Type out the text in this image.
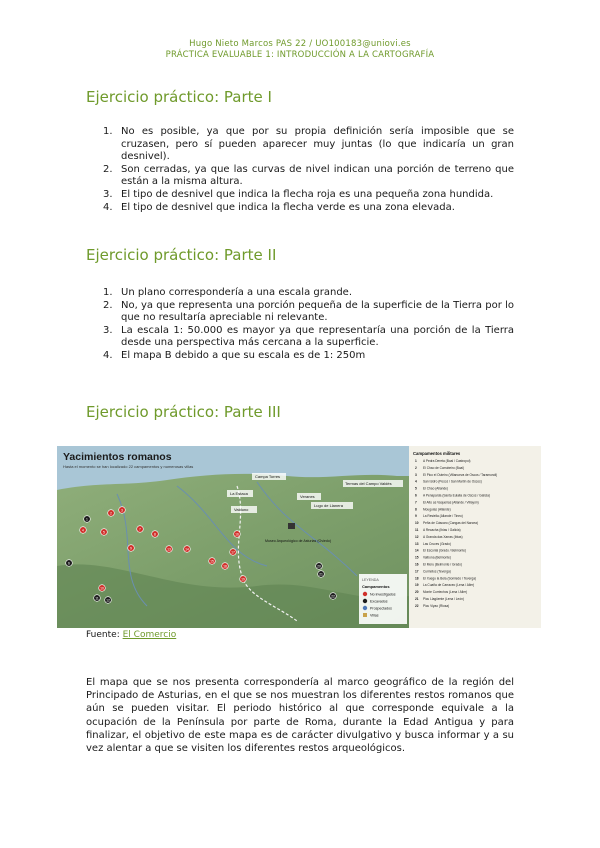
Hugo Nieto Marcos PAS 22 / UO100183@uniovi.es
PRÁCTICA EVALUABLE 1: INTRODUCCIÓN A LA CARTOGRAFÍA
Ejercicio práctico: Parte I
1. No es posible, ya que por su propia definición sería imposible que se cruzasen, pero sí pueden aparecer muy juntas (lo que indicaría un gran desnivel).
2. Son cerradas, ya que las curvas de nivel indican una porción de terreno que están a la misma altura.
3. El tipo de desnivel que indica la flecha roja es una pequeña zona hundida.
4. El tipo de desnivel que indica la flecha verde es una zona elevada.
Ejercicio práctico: Parte II
1. Un plano correspondería a una escala grande.
2. No, ya que representa una porción pequeña de la superficie de la Tierra por lo que no resultaría apreciable ni relevante.
3. La escala 1: 50.000 es mayor ya que representaría una porción de la Tierra desde una perspectiva más cercana a la superficie.
4. El mapa B debido a que su escala es de 1: 250m
Ejercicio práctico: Parte III
Yacimientos romanos
Hasta el momento se han localizado 22 campamentos y numerosas villas
Campa Torres
Termas del Campo Valdés
La Estaca
Veranes
Lugo de Llanera
Valduno
Museo Arqueológico de Asturias (Oviedo)
LEYENDA
Campamentos
No investigados
Excavados
Prospectados
Villas
Campamentos militares
1 A Pedra Dereta (Boal / Castropol)
2 El Chao de Carrubeiro (Boal)
3 El Pico el Outeiro (Villanueva de Oscos / Taramundi)
4 San Isidro (Pesoz / San Martín de Oscos)
5 El Chao (Allande)
6 A Penaparda (Santa Eulalia de Oscos / Galicia)
7 El Alto as Vaqueiras (Allande / Villayón)
8 Mouguías (Allande)
9 La Resiella (Allande / Tineo)
10 Peña de Cáscaro (Cangas del Narcea)
11 A Recacha (Ibias / Galicia)
12 A Granda das Xarras (Ibias)
13 Las Cruces (Grado)
14 El Escorial (Grado / Belmonte)
15 Valbona (Belmonte)
16 El Moru (Belmonte / Grado)
17 Curriellos (Teverga)
18 El Xuegu la Bola (Somiedo / Teverga)
19 La Cuaña de Carraceo (Lena / Aller)
20 Monte Curriechos (Lena / Aller)
21 Picu Llagüente (Lena / León)
22 Picu Viyao (Riosa)
1
2
3
4	5
6
7
8
9
10
11 12
13	14
15
16
17
18
19
20
21
22
Fuente: El Comercio

El mapa que se nos presenta correspondería al marco geográfico de la región del Principado de Asturias, en el que se nos muestran los diferentes restos romanos que aún se pueden visitar. El periodo histórico al que corresponde equivale a la ocupación de la Península por parte de Roma, durante la Edad Antigua y para finalizar, el objetivo de este mapa es de carácter divulgativo y busca informar y a su vez alentar a que se visiten los diferentes restos arqueológicos.
